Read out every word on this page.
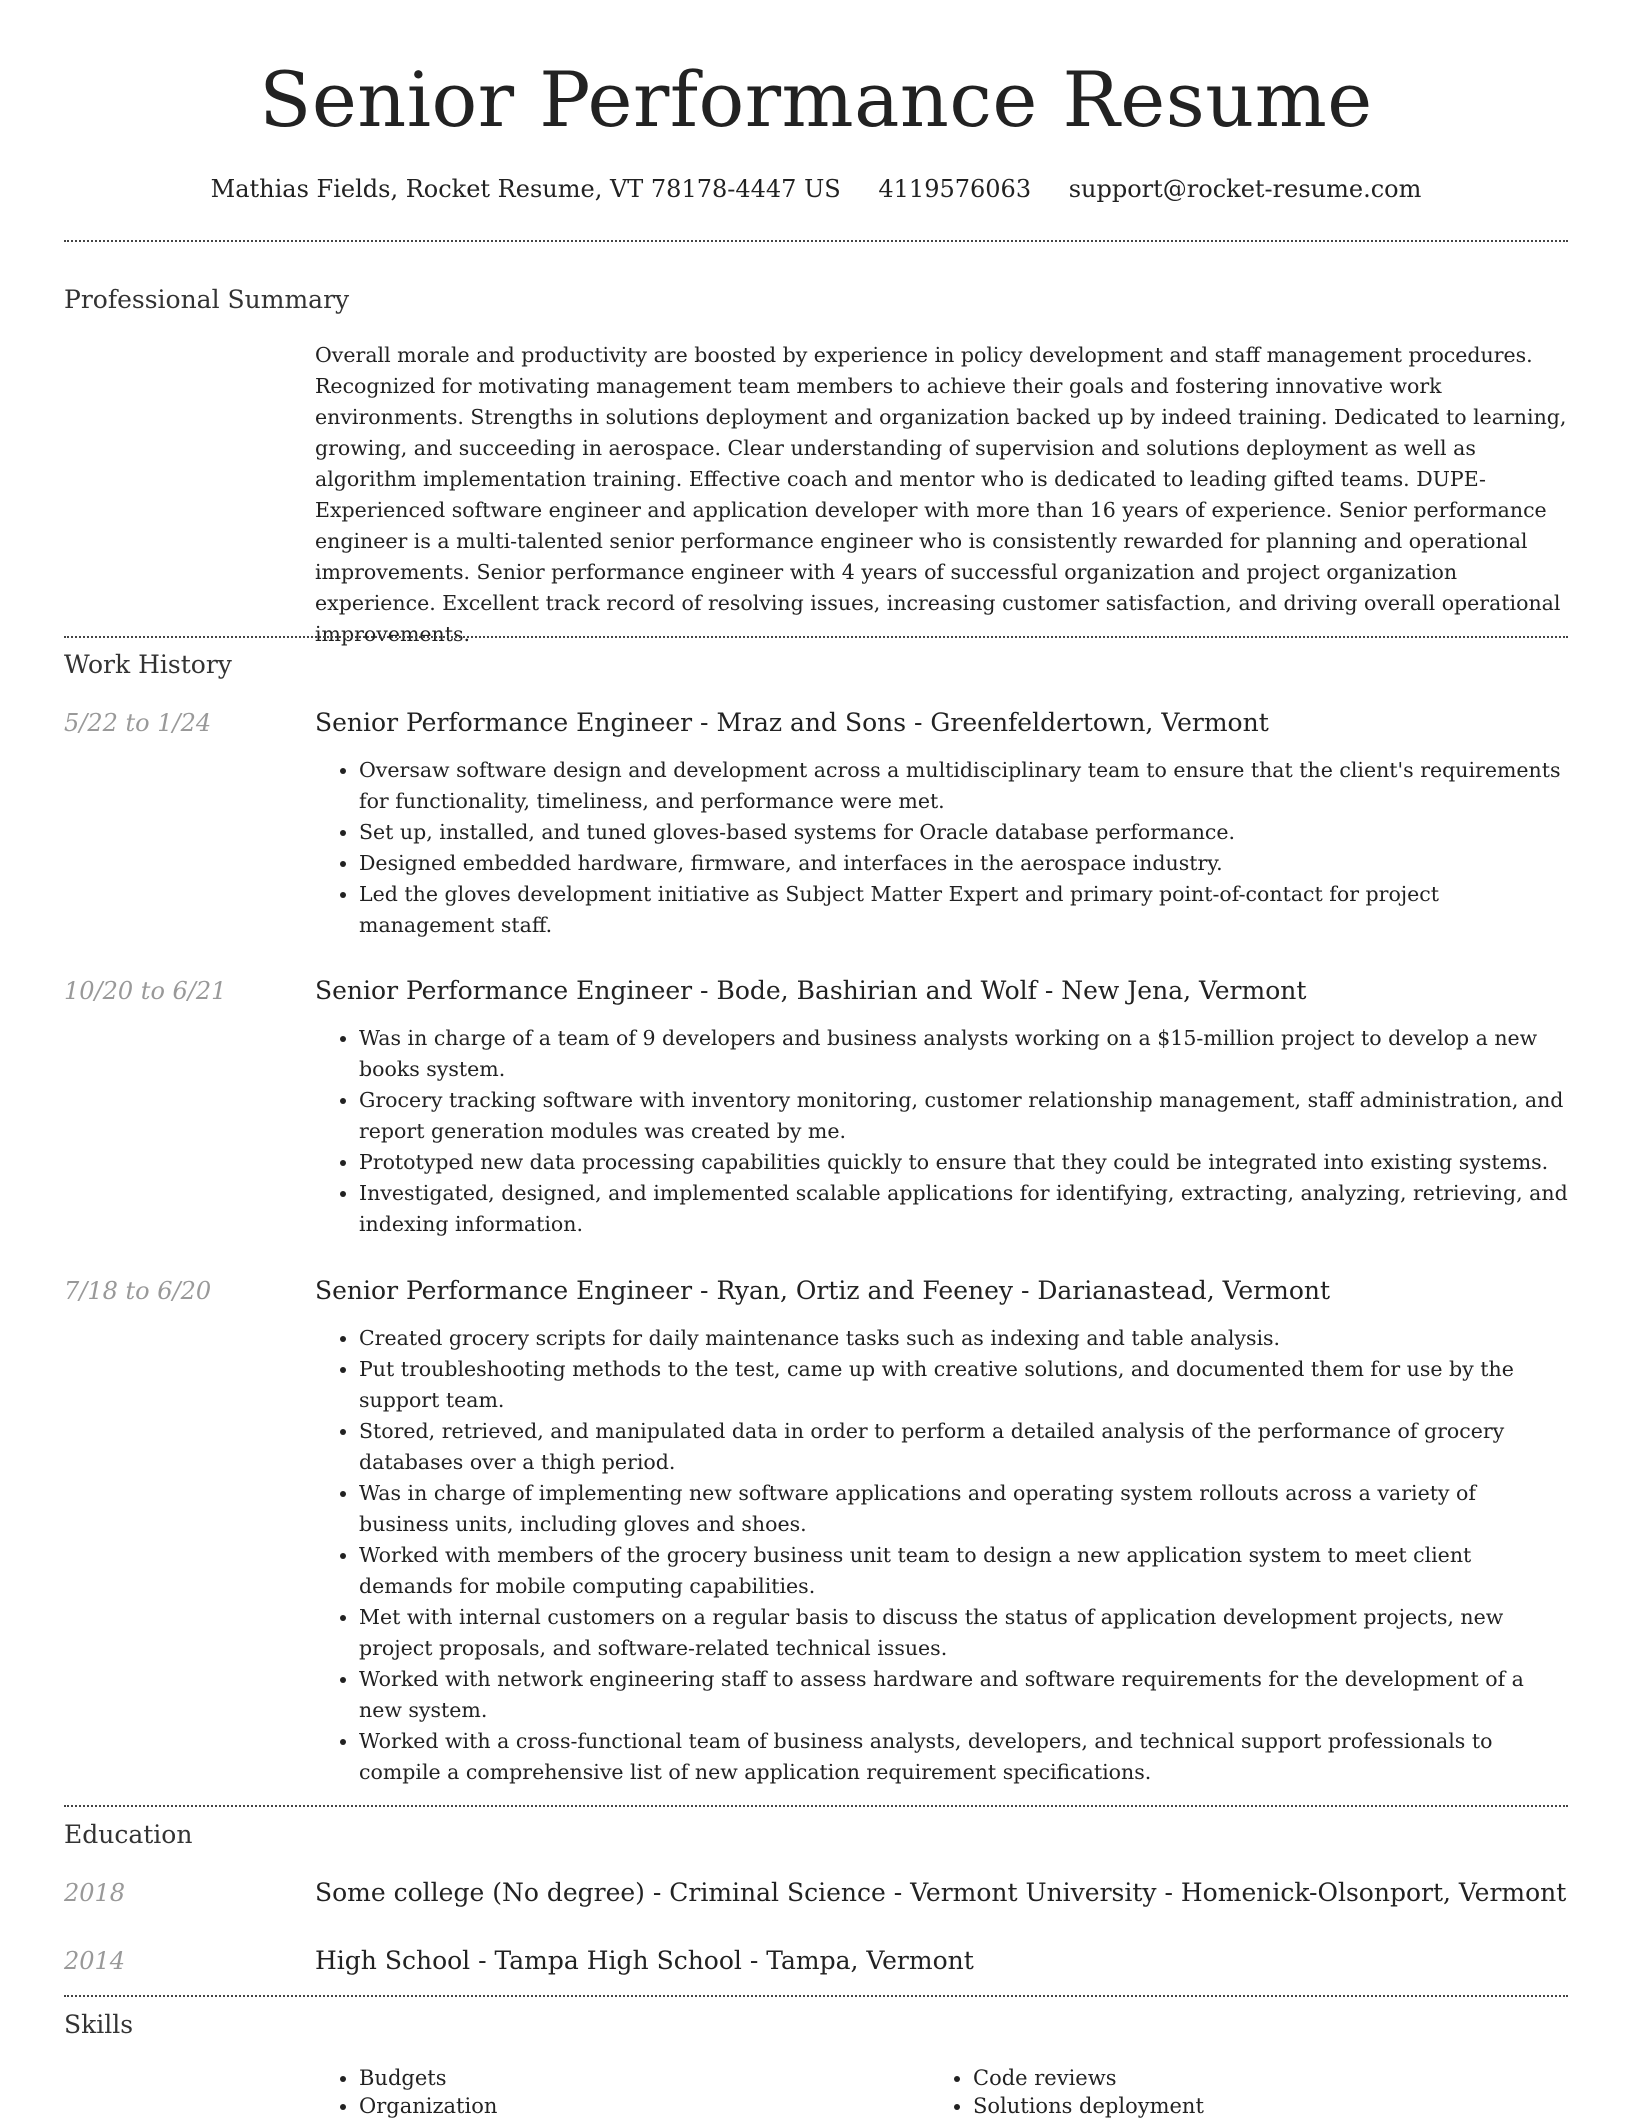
Senior Performance Resume
Mathias Fields, Rocket Resume, VT 78178-4447 US 4119576063 support@rocket-resume.com
Professional Summary

Overall morale and productivity are boosted by experience in policy development and staff management procedures. Recognized for motivating management team members to achieve their goals and fostering innovative work environments. Strengths in solutions deployment and organization backed up by indeed training. Dedicated to learning, growing, and succeeding in aerospace. Clear understanding of supervision and solutions deployment as well as algorithm implementation training. Effective coach and mentor who is dedicated to leading gifted teams. DUPE- Experienced software engineer and application developer with more than 16 years of experience. Senior performance engineer is a multi-talented senior performance engineer who is consistently rewarded for planning and operational improvements. Senior performance engineer with 4 years of successful organization and project organization experience. Excellent track record of resolving issues, increasing customer satisfaction, and driving overall operational improvements.

Work History
5/22 to 1/24	Senior Performance Engineer - Mraz and Sons - Greenfeldertown, Vermont
• Oversaw software design and development across a multidisciplinary team to ensure that the client's requirements for functionality, timeliness, and performance were met.
• Set up, installed, and tuned gloves-based systems for Oracle database performance.
• Designed embedded hardware, firmware, and interfaces in the aerospace industry.
• Led the gloves development initiative as Subject Matter Expert and primary point-of-contact for project management staff.
10/20 to 6/21	Senior Performance Engineer - Bode, Bashirian and Wolf - New Jena, Vermont
• Was in charge of a team of 9 developers and business analysts working on a $15-million project to develop a new books system.
• Grocery tracking software with inventory monitoring, customer relationship management, staff administration, and report generation modules was created by me.
• Prototyped new data processing capabilities quickly to ensure that they could be integrated into existing systems.
• Investigated, designed, and implemented scalable applications for identifying, extracting, analyzing, retrieving, and indexing information.
7/18 to 6/20	Senior Performance Engineer - Ryan, Ortiz and Feeney - Darianastead, Vermont
• Created grocery scripts for daily maintenance tasks such as indexing and table analysis.
• Put troubleshooting methods to the test, came up with creative solutions, and documented them for use by the support team.
• Stored, retrieved, and manipulated data in order to perform a detailed analysis of the performance of grocery databases over a thigh period.
• Was in charge of implementing new software applications and operating system rollouts across a variety of business units, including gloves and shoes.
• Worked with members of the grocery business unit team to design a new application system to meet client demands for mobile computing capabilities.
• Met with internal customers on a regular basis to discuss the status of application development projects, new project proposals, and software-related technical issues.
• Worked with network engineering staff to assess hardware and software requirements for the development of a new system.
• Worked with a cross-functional team of business analysts, developers, and technical support professionals to compile a comprehensive list of new application requirement specifications.
Education
2018	Some college (No degree) - Criminal Science - Vermont University - Homenick-Olsonport, Vermont
2014	High School - Tampa High School - Tampa, Vermont
Skills
• Budgets
• Organization
• Code reviews
• Solutions deployment
